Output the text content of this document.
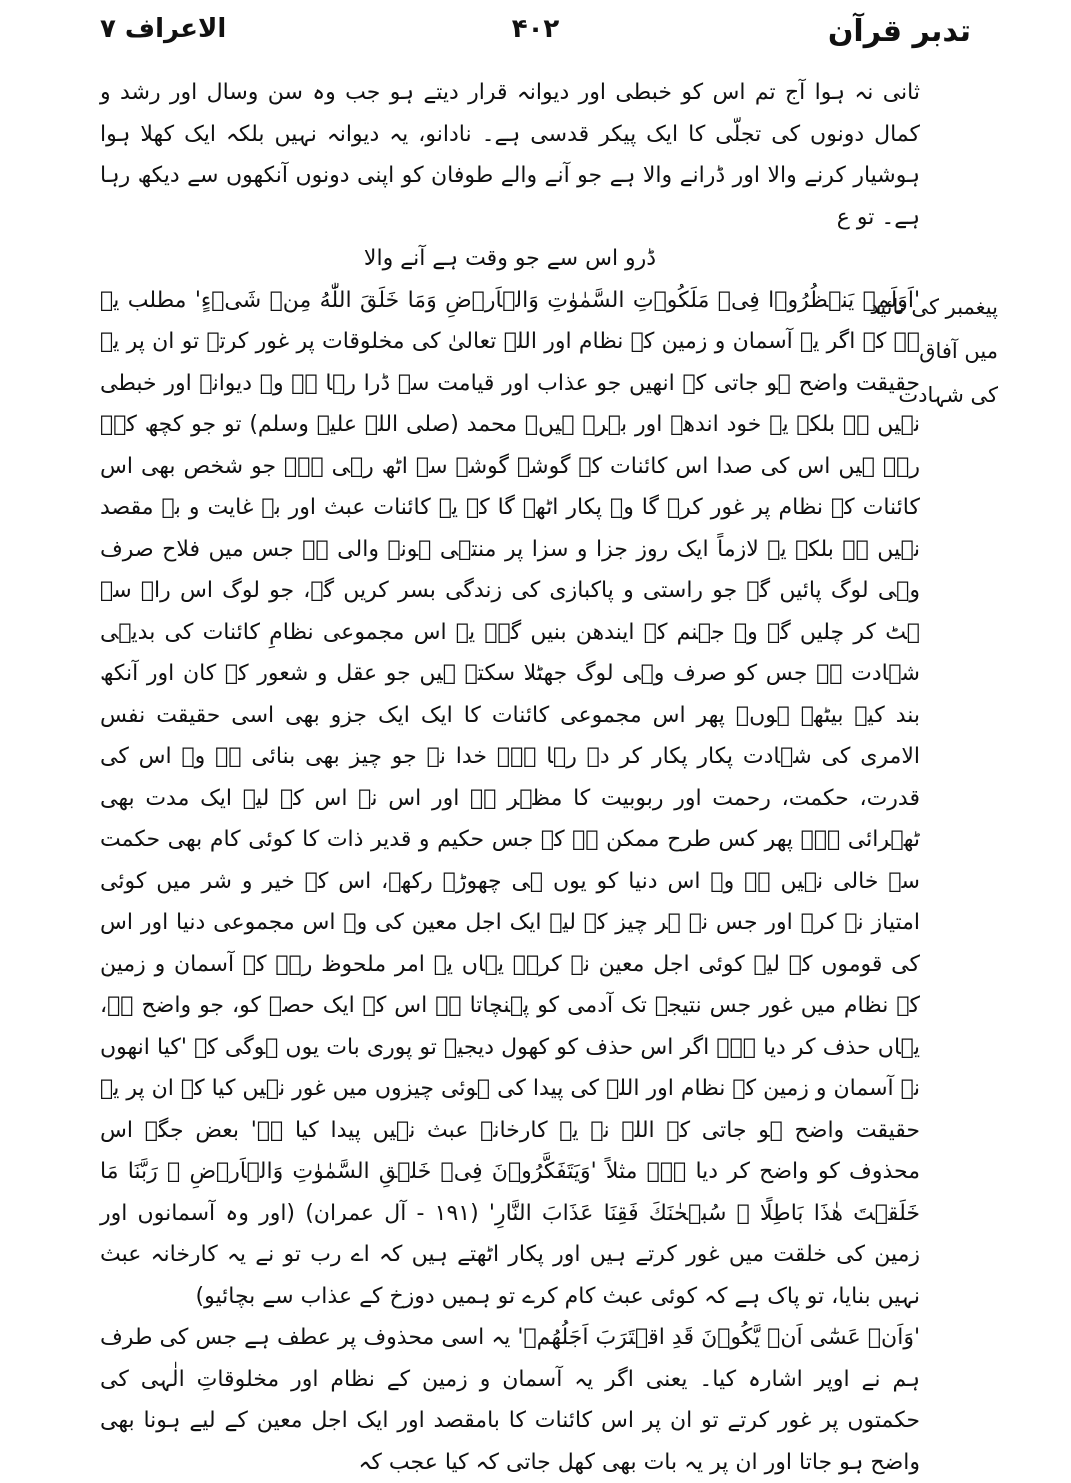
الاعراف ۷	۴۰۲	تدبر قرآن
پیغمبر کی تائید
میں آفاق
کی شہادت

ثانی نہ ہوا آج تم اس کو خبطی اور دیوانہ قرار دیتے ہو جب وہ سن وسال اور رشد و کمال دونوں کی تجلّی کا ایک پیکر قدسی ہے۔ نادانو، یہ دیوانہ نہیں بلکہ ایک کھلا ہوا ہوشیار کرنے والا اور ڈرانے والا ہے جو آنے والے طوفان کو اپنی دونوں آنکھوں سے دیکھ رہا ہے۔ تو ع

ڈرو اس سے جو وقت ہے آنے والا

'اَوَلَمۡ يَنۡظُرُوۡا فِىۡ مَلَكُوۡتِ السَّمٰوٰتِ وَالۡاَرۡضِ وَمَا خَلَقَ اللّٰهُ مِنۡ شَىۡءٍ' مطلب یہ ہے کہ اگر یہ آسمان و زمین کے نظام اور اللہ تعالیٰ کی مخلوقات پر غور کرتے تو ان پر یہ حقیقت واضح ہو جاتی کہ انھیں جو عذاب اور قیامت سے ڈرا رہا ہے وہ دیوانہ اور خبطی نہیں ہے بلکہ یہ خود اندھے اور بہرے ہیں۔ محمد (صلی اللہ علیہ وسلم) تو جو کچھ کہہ رہے ہیں اس کی صدا اس کائنات کے گوشے گوشے سے اٹھ رہی ہے۔ جو شخص بھی اس کائنات کے نظام پر غور کرے گا وہ پکار اٹھے گا کہ یہ کائنات عبث اور بے غایت و بے مقصد نہیں ہے بلکہ یہ لازماً ایک روز جزا و سزا پر منتہی ہونے والی ہے جس میں فلاح صرف وہی لوگ پائیں گے جو راستی و پاکبازی کی زندگی بسر کریں گے، جو لوگ اس راہ سے ہٹ کر چلیں گے وہ جہنم کے ایندھن بنیں گے۔ یہ اس مجموعی نظامِ کائنات کی بدیہی شہادت ہے جس کو صرف وہی لوگ جھٹلا سکتے ہیں جو عقل و شعور کے کان اور آنکھ بند کیے بیٹھے ہوں۔ پھر اس مجموعی کائنات کا ایک ایک جزو بھی اسی حقیقت نفس الامری کی شہادت پکار پکار کر دے رہا ہے۔ خدا نے جو چیز بھی بنائی ہے وہ اس کی قدرت، حکمت، رحمت اور ربوبیت کا مظہر ہے اور اس نے اس کے لیے ایک مدت بھی ٹھہرائی ہے۔ پھر کس طرح ممکن ہے کہ جس حکیم و قدیر ذات کا کوئی کام بھی حکمت سے خالی نہیں ہے وہ اس دنیا کو یوں ہی چھوڑے رکھے، اس کے خیر و شر میں کوئی امتیاز نہ کرے اور جس نے ہر چیز کے لیے ایک اجل معین کی وہ اس مجموعی دنیا اور اس کی قوموں کے لیے کوئی اجل معین نہ کرے۔ یہاں یہ امر ملحوظ رہے کہ آسمان و زمین کے نظام میں غور جس نتیجہ تک آدمی کو پہنچاتا ہے اس کے ایک حصہ کو، جو واضح ہے، یہاں حذف کر دیا ہے۔ اگر اس حذف کو کھول دیجیے تو پوری بات یوں ہوگی کہ 'کیا انھوں نے آسمان و زمین کے نظام اور اللہ کی پیدا کی ہوئی چیزوں میں غور نہیں کیا کہ ان پر یہ حقیقت واضح ہو جاتی کہ اللہ نے یہ کارخانہ عبث نہیں پیدا کیا ہے' بعض جگہ اس محذوف کو واضح کر دیا ہے۔ مثلاً 'وَيَتَفَكَّرُوۡنَ فِىۡ خَلۡقِ السَّمٰوٰتِ وَالۡاَرۡضِ ۚ رَبَّنَا مَا خَلَقۡتَ هٰذَا بَاطِلًا ۚ سُبۡحٰنَكَ فَقِنَا عَذَابَ النَّارِ' (۱۹۱ - آل عمران) (اور وہ آسمانوں اور زمین کی خلقت میں غور کرتے ہیں اور پکار اٹھتے ہیں کہ اے رب تو نے یہ کارخانہ عبث نہیں بنایا، تو پاک ہے کہ کوئی عبث کام کرے تو ہمیں دوزخ کے عذاب سے بچائیو)

'وَاَنۡ عَسٰٓى اَنۡ يَّكُوۡنَ قَدِ اقۡتَرَبَ اَجَلُهُمۡ' یہ اسی محذوف پر عطف ہے جس کی طرف ہم نے اوپر اشارہ کیا۔ یعنی اگر یہ آسمان و زمین کے نظام اور مخلوقاتِ الٰہی کی حکمتوں پر غور کرتے تو ان پر اس کائنات کا بامقصد اور ایک اجل معین کے لیے ہونا بھی واضح ہو جاتا اور ان پر یہ بات بھی کھل جاتی کہ کیا عجب کہ
